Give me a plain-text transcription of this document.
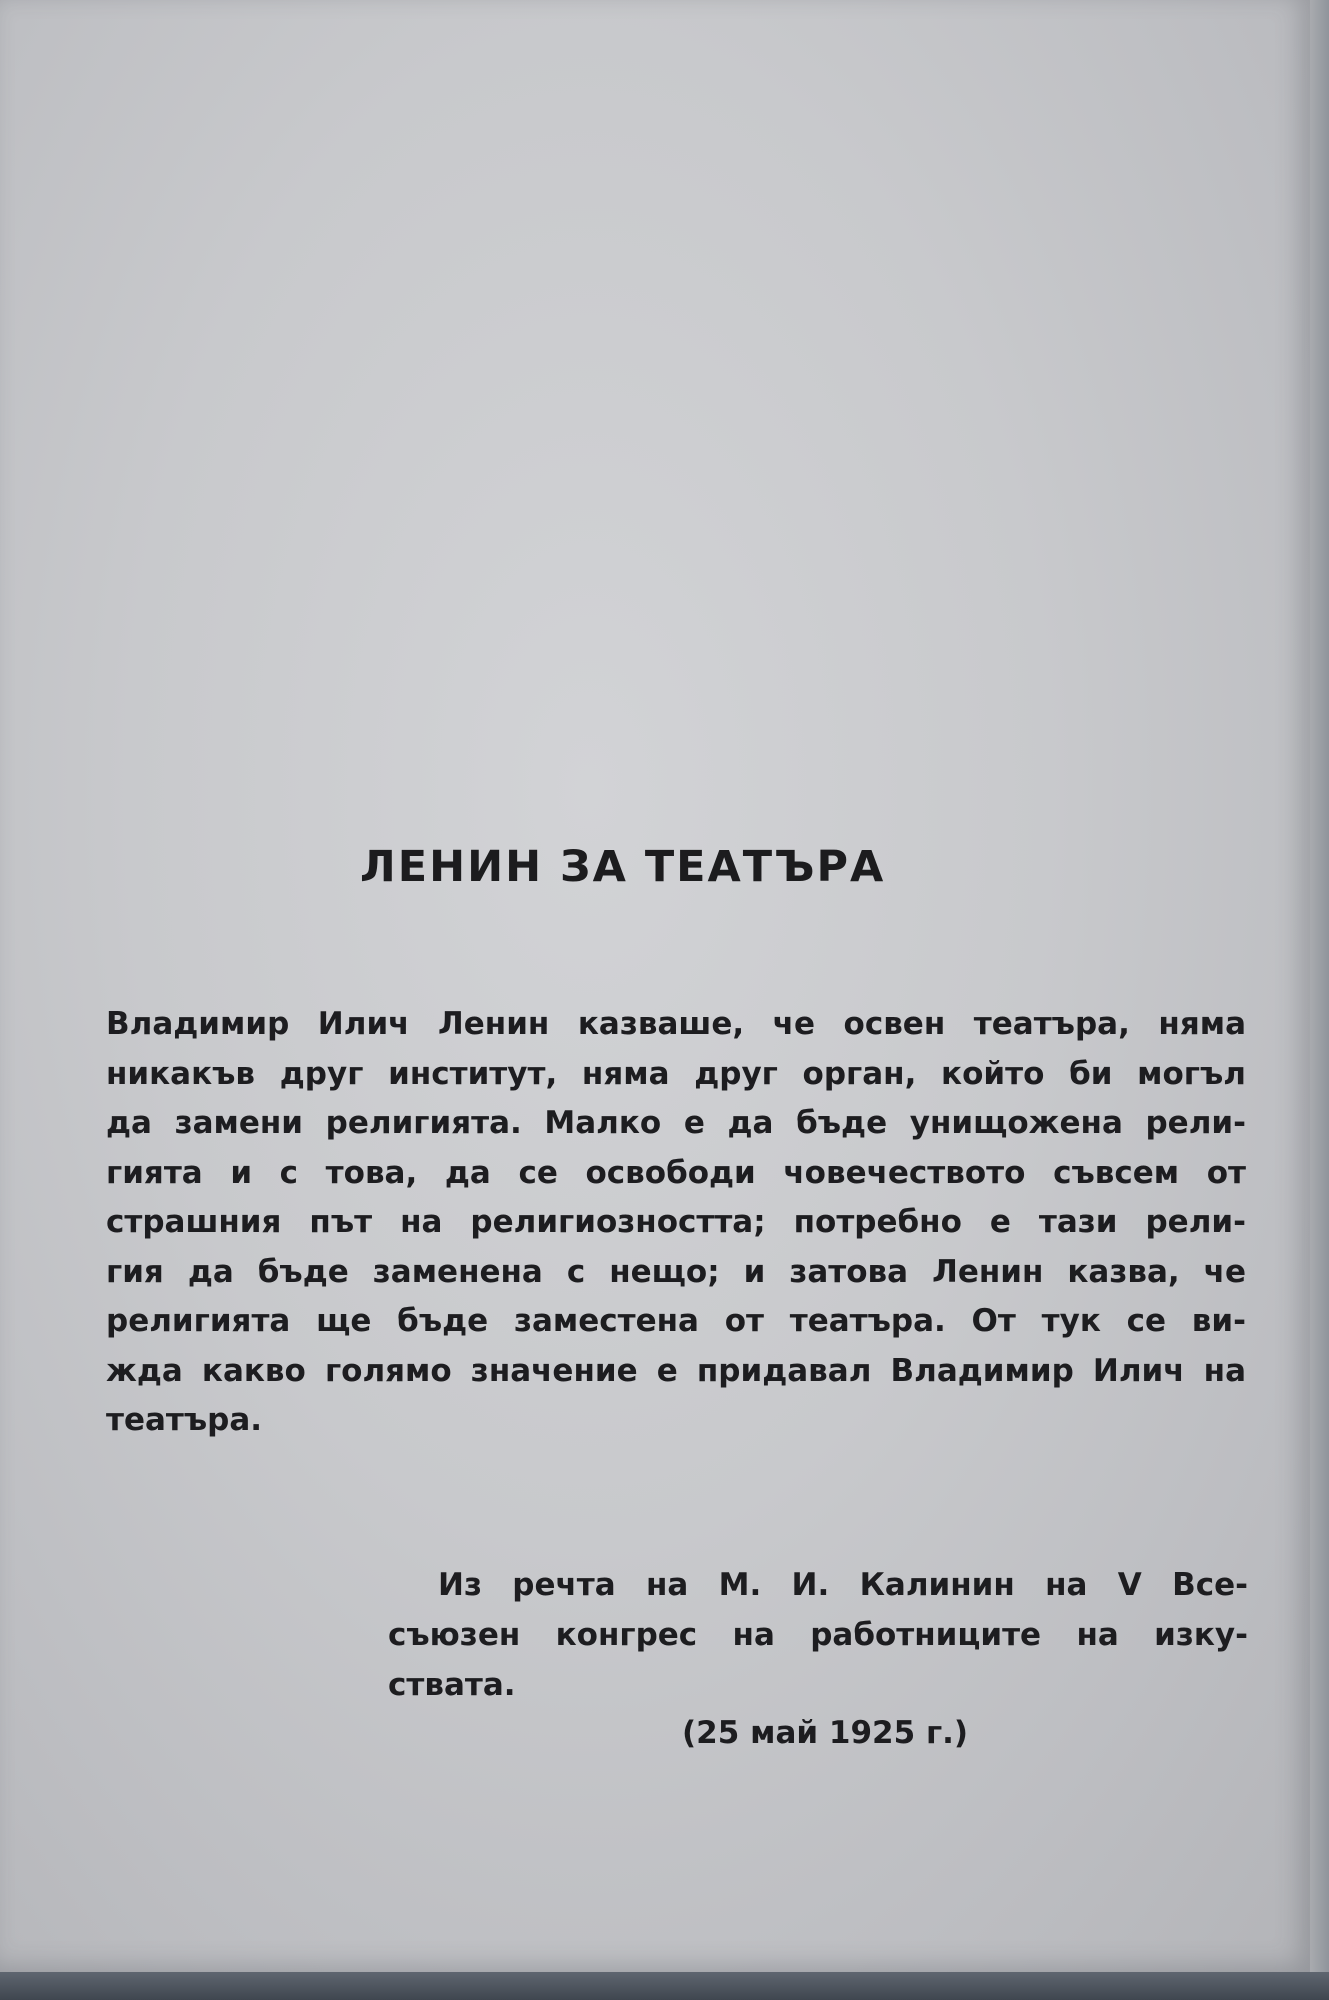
ЛЕНИН ЗА ТЕАТЪРА
Владимир Илич Ленин казваше, че освен театъра, няма
никакъв друг институт, няма друг орган, който би могъл
да замени религията. Малко е да бъде унищожена рели-
гията и с това, да се освободи човечеството съвсем от
страшния път на религиозността; потребно е тази рели-
гия да бъде заменена с нещо; и затова Ленин казва, че
религията ще бъде заместена от театъра. От тук се ви-
жда какво голямо значение е придавал Владимир Илич на
театъра.
Из речта на М. И. Калинин на V Все-
съюзен конгрес на работниците на изку-
ствата.
(25 май 1925 г.)
